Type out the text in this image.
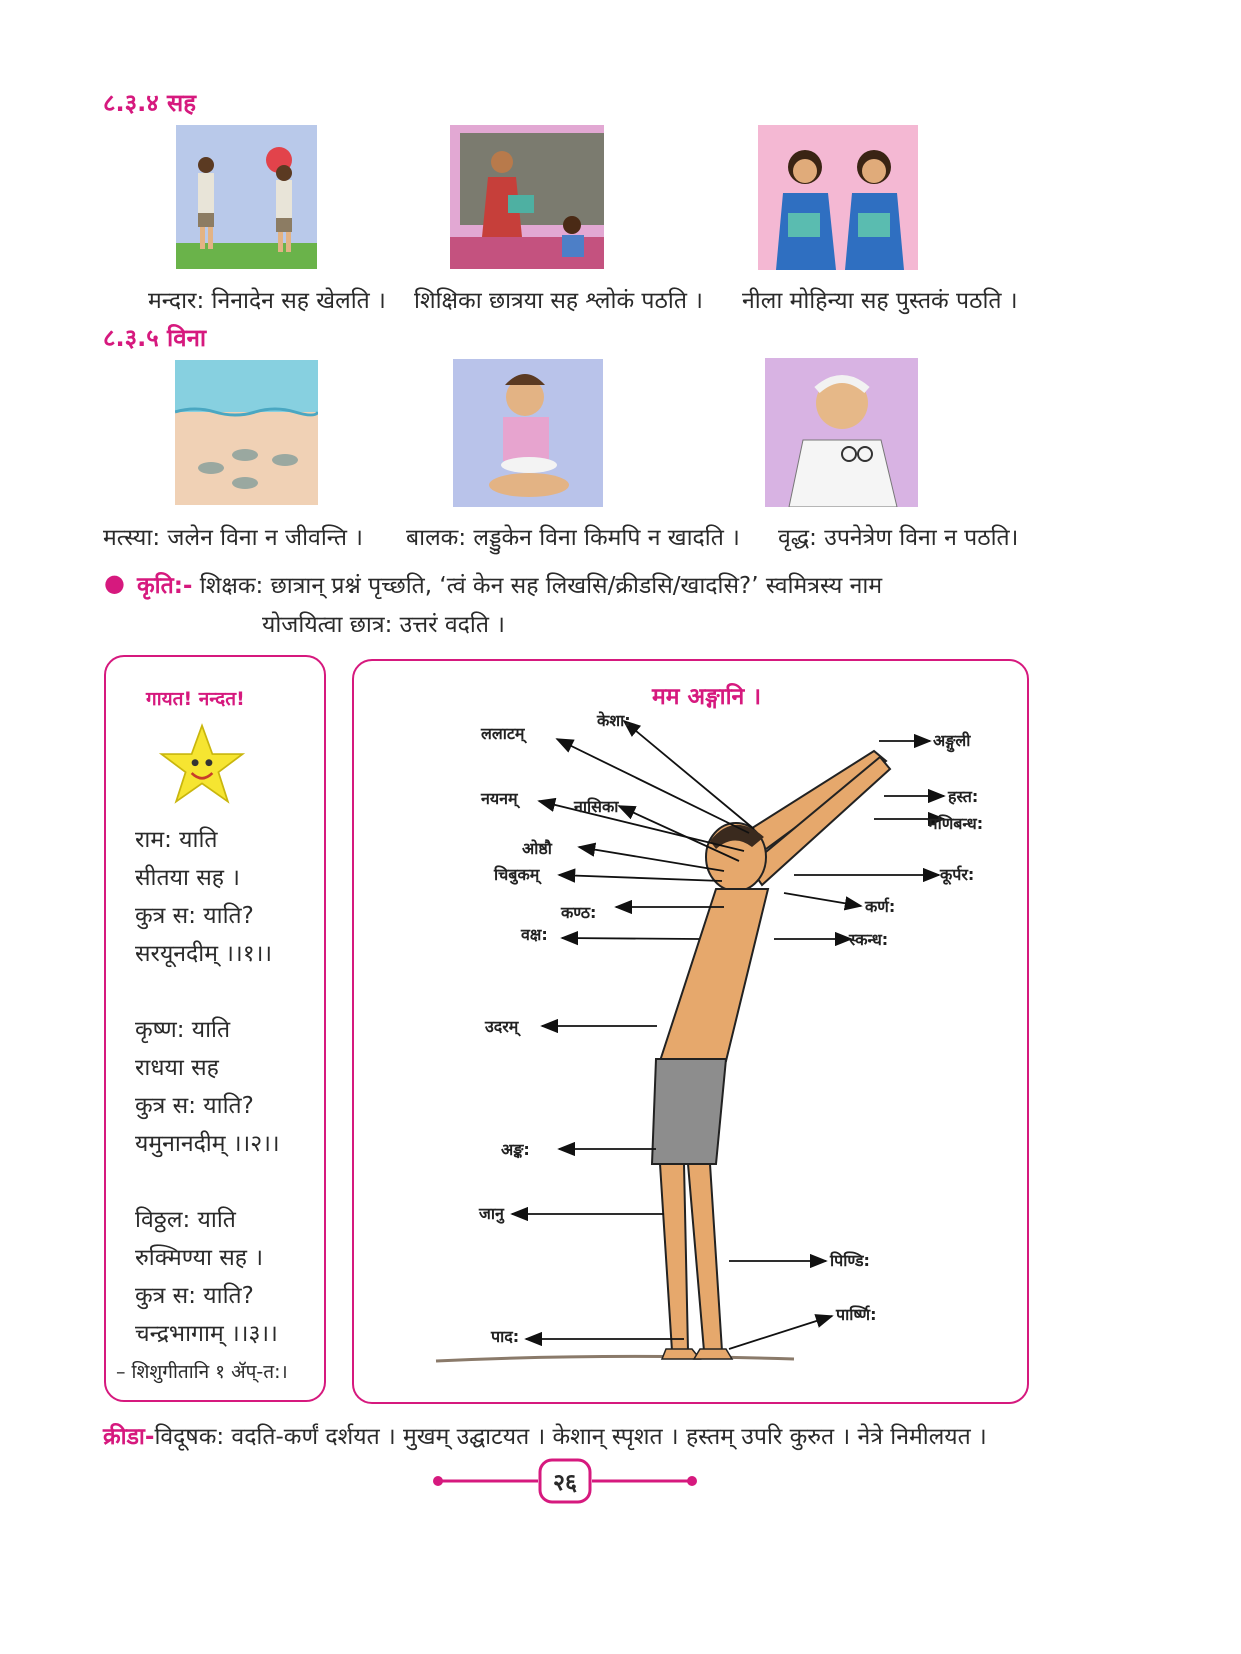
८.३.४ सह
मन्दार: निनादेन सह खेलति । शिक्षिका छात्रया सह श्लोकं पठति । नीला मोहिन्या सह पुस्तकं पठति ।
८.३.५ विना
मत्स्या: जलेन विना न जीवन्ति । बालक: लड्डुकेन विना किमपि न खादति । वृद्ध: उपनेत्रेण विना न पठति।
● कृति:- शिक्षक: छात्रान् प्रश्नं पृच्छति, ‘त्वं केन सह लिखसि/क्रीडसि/खादसि?’ स्वमित्रस्य नाम
योजयित्वा छात्र: उत्तरं वदति ।
गायत! नन्दत!
राम: याति
सीतया सह ।
कुत्र स: याति?
सरयूनदीम् ।।१।।
कृष्ण: याति
राधया सह
कुत्र स: याति?
यमुनानदीम् ।।२।।
विठ्ठल: याति
रुक्मिण्या सह ।
कुत्र स: याति?
चन्द्रभागाम् ।।३।।
– शिशुगीतानि १ ॲप्-त:।
मम अङ्गानि ।
ललाटम्
केशा:
अङ्गुली
नयनम्	नासिका
हस्त:
मणिबन्ध:
ओष्ठौ
चिबुकम्	कूर्पर:
कण्ठ:	कर्ण:
वक्ष:	स्कन्ध:
उदरम्
अङ्क:
जानु
पिण्डि:
पार्ष्णि:
पाद:
क्रीडा-विदूषक: वदति-कर्णं दर्शयत । मुखम् उद्घाटयत । केशान् स्पृशत । हस्तम् उपरि कुरुत । नेत्रे निमीलयत ।
२६
